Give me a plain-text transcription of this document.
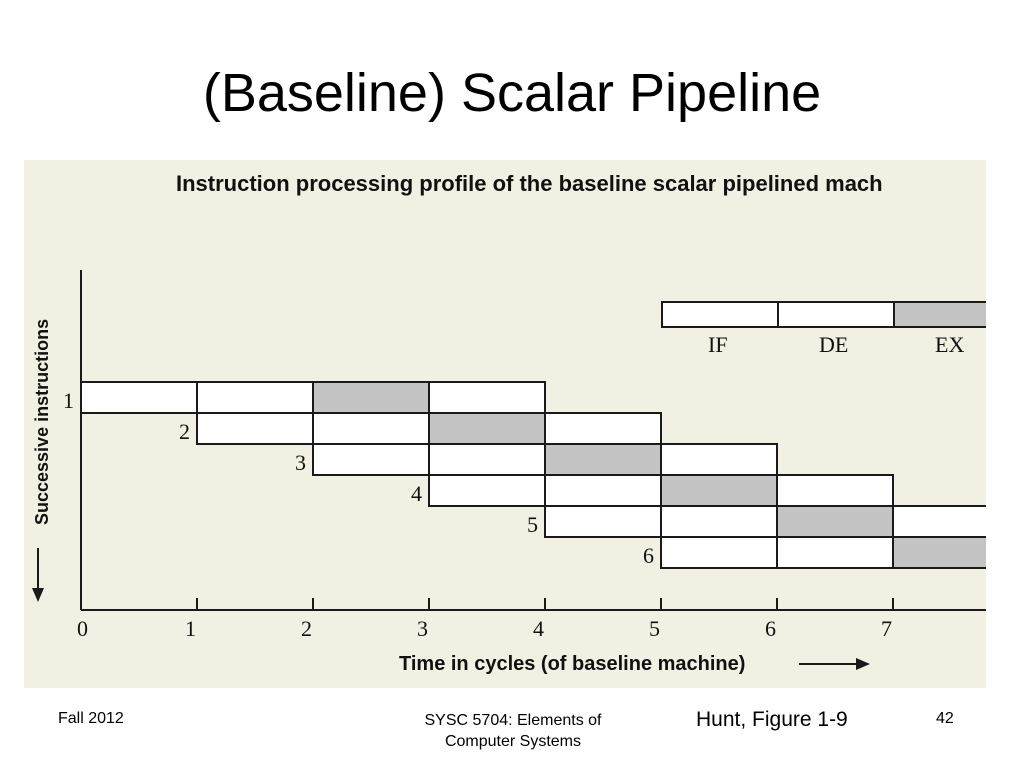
(Baseline) Scalar Pipeline
Instruction processing profile of the baseline scalar pipelined mach
IF	DE	EX
1
2
3
4
5
6
Successive instructions
0	1	2	3	4	5	6	7
Time in cycles (of baseline machine)
Fall 2012	SYSC 5704: Elements of
Computer Systems
Hunt, Figure 1-9	42
